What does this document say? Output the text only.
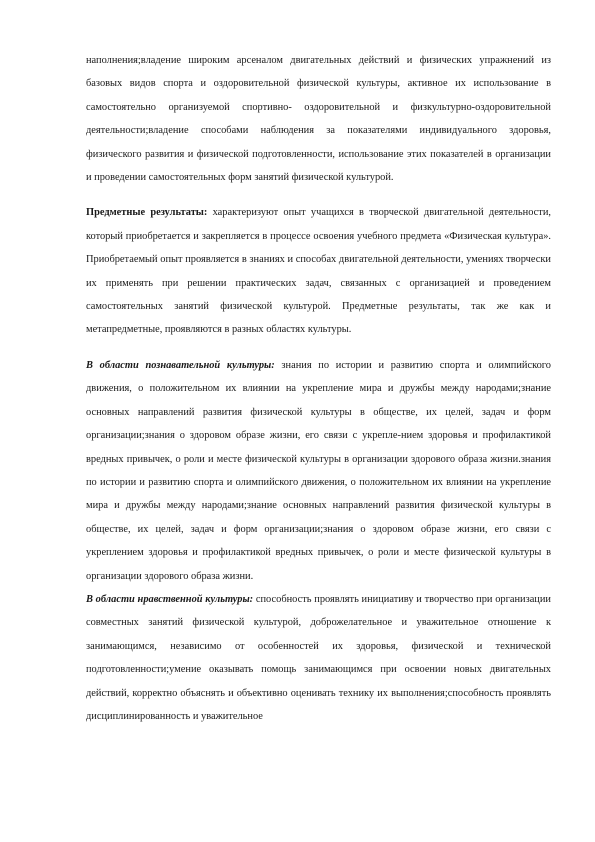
наполнения;владение широким арсеналом двигательных действий и физических упражнений из базовых видов спорта и оздоровительной физической культуры, активное их использование в самостоятельно организуемой спортивно- оздоровительной и физкультурно-оздоровительной деятельности;владение способами наблюдения за показателями индивидуального здоровья, физического развития и физической подготовленности, использование этих показателей в организации и проведении самостоятельных форм занятий физической культурой.

Предметные результаты: характеризуют опыт учащихся в творческой двигательной деятельности, который приобретается и закрепляется в процессе освоения учебного предмета «Физическая культура». Приобретаемый опыт проявляется в знаниях и способах двигательной деятельности, умениях творчески их применять при решении практических задач, связанных с организацией и проведением самостоятельных занятий физической культурой. Предметные результаты, так же как и метапредметные, проявляются в разных областях культуры.

В области познавательной культуры: знания по истории и развитию спорта и олимпийского движения, о положительном их влиянии на укрепление мира и дружбы между народами;знание основных направлений развития физической культуры в обществе, их целей, задач и форм организации;знания о здоровом образе жизни, его связи с укрепле-нием здоровья и профилактикой вредных привычек, о роли и месте физической культуры в организации здорового образа жизни.знания по истории и развитию спорта и олимпийского движения, о положительном их влиянии на укрепление мира и дружбы между народами;знание основных направлений развития физической культуры в обществе, их целей, задач и форм организации;знания о здоровом образе жизни, его связи с укреплением здоровья и профилактикой вредных привычек, о роли и месте физической культуры в организации здорового образа жизни.

В области нравственной культуры: способность проявлять инициативу и творчество при организации совместных занятий физической культурой, доброжелательное и уважительное отношение к занимающимся, независимо от особенностей их здоровья, физической и технической подготовленности;умение оказывать помощь занимающимся при освоении новых двигательных действий, корректно объяснять и объективно оценивать технику их выполнения;способность проявлять дисциплинированность и уважительное
